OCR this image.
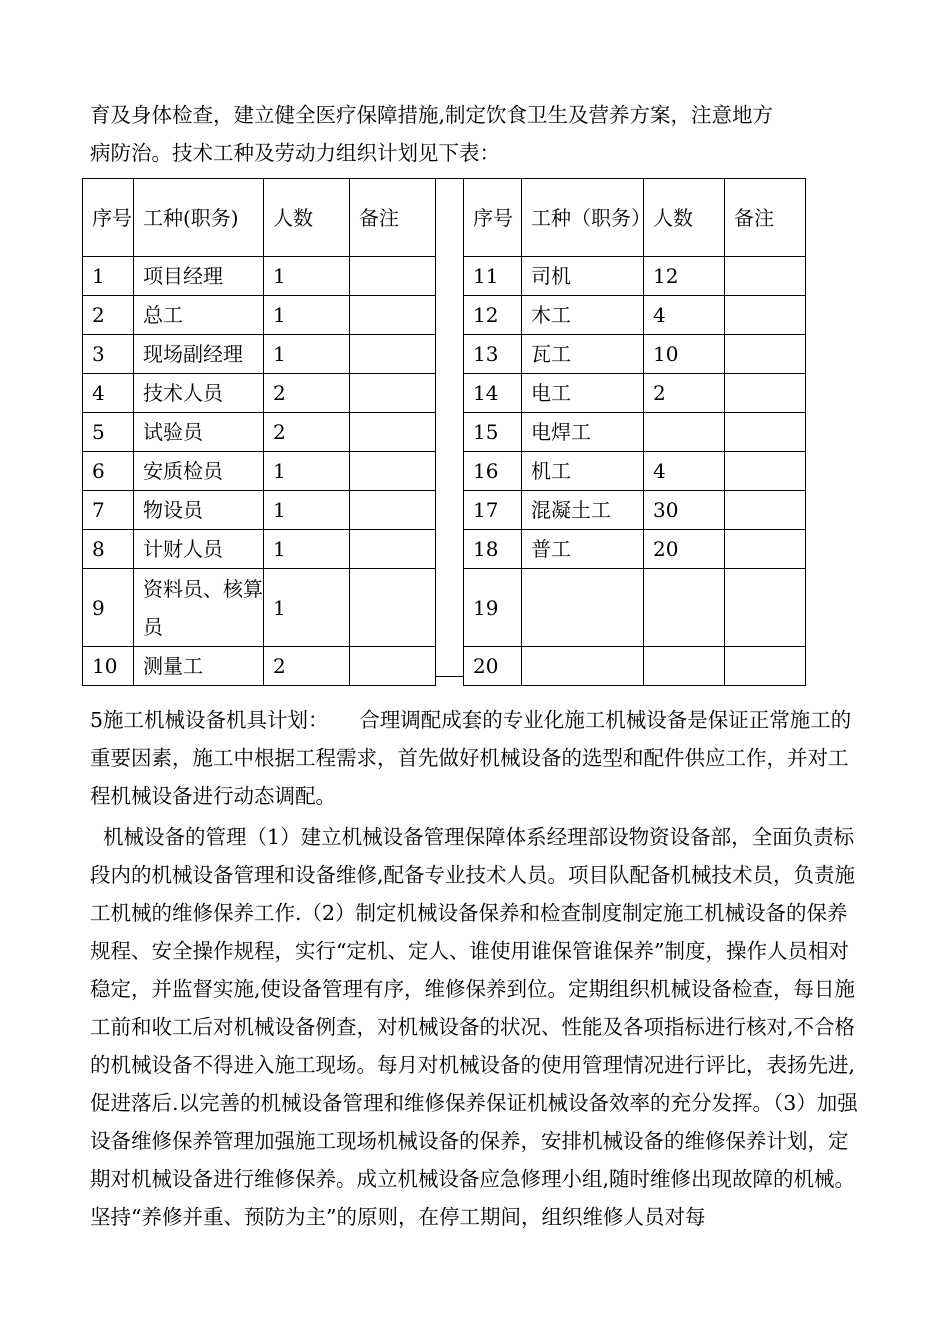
育及身体检查，建立健全医疗保障措施,制定饮食卫生及营养方案，注意地方
病防治。技术工种及劳动力组织计划见下表：

序号	工种(职务)	人数	备注
1	项目经理	1	
2	总工	1	
3	现场副经理	1	
4	技术人员	2	
5	试验员	2	
6	安质检员	1	
7	物设员	1	
8	计财人员	1	
9	资料员、核算员	1	
10	测量工	2	
序号	工种（职务）	人数	备注
11	司机	12	
12	木工	4	
13	瓦工	10	
14	电工	2	
15	电焊工		
16	机工	4	
17	混凝土工	30	
18	普工	20	
19			
20			

5施工机械设备机具计划：　　合理调配成套的专业化施工机械设备是保证正常施工的重要因素，施工中根据工程需求，首先做好机械设备的选型和配件供应工作，并对工程机械设备进行动态调配。

机械设备的管理（1）建立机械设备管理保障体系经理部设物资设备部，全面负责标段内的机械设备管理和设备维修,配备专业技术人员。项目队配备机械技术员，负责施工机械的维修保养工作.（2）制定机械设备保养和检查制度制定施工机械设备的保养规程、安全操作规程，实行“定机、定人、谁使用谁保管谁保养”制度，操作人员相对稳定，并监督实施,使设备管理有序，维修保养到位。定期组织机械设备检查，每日施工前和收工后对机械设备例查，对机械设备的状况、性能及各项指标进行核对,不合格的机械设备不得进入施工现场。每月对机械设备的使用管理情况进行评比，表扬先进,促进落后.以完善的机械设备管理和维修保养保证机械设备效率的充分发挥。（3）加强设备维修保养管理加强施工现场机械设备的保养，安排机械设备的维修保养计划，定期对机械设备进行维修保养。成立机械设备应急修理小组,随时维修出现故障的机械。坚持“养修并重、预防为主”的原则，在停工期间，组织维修人员对每
